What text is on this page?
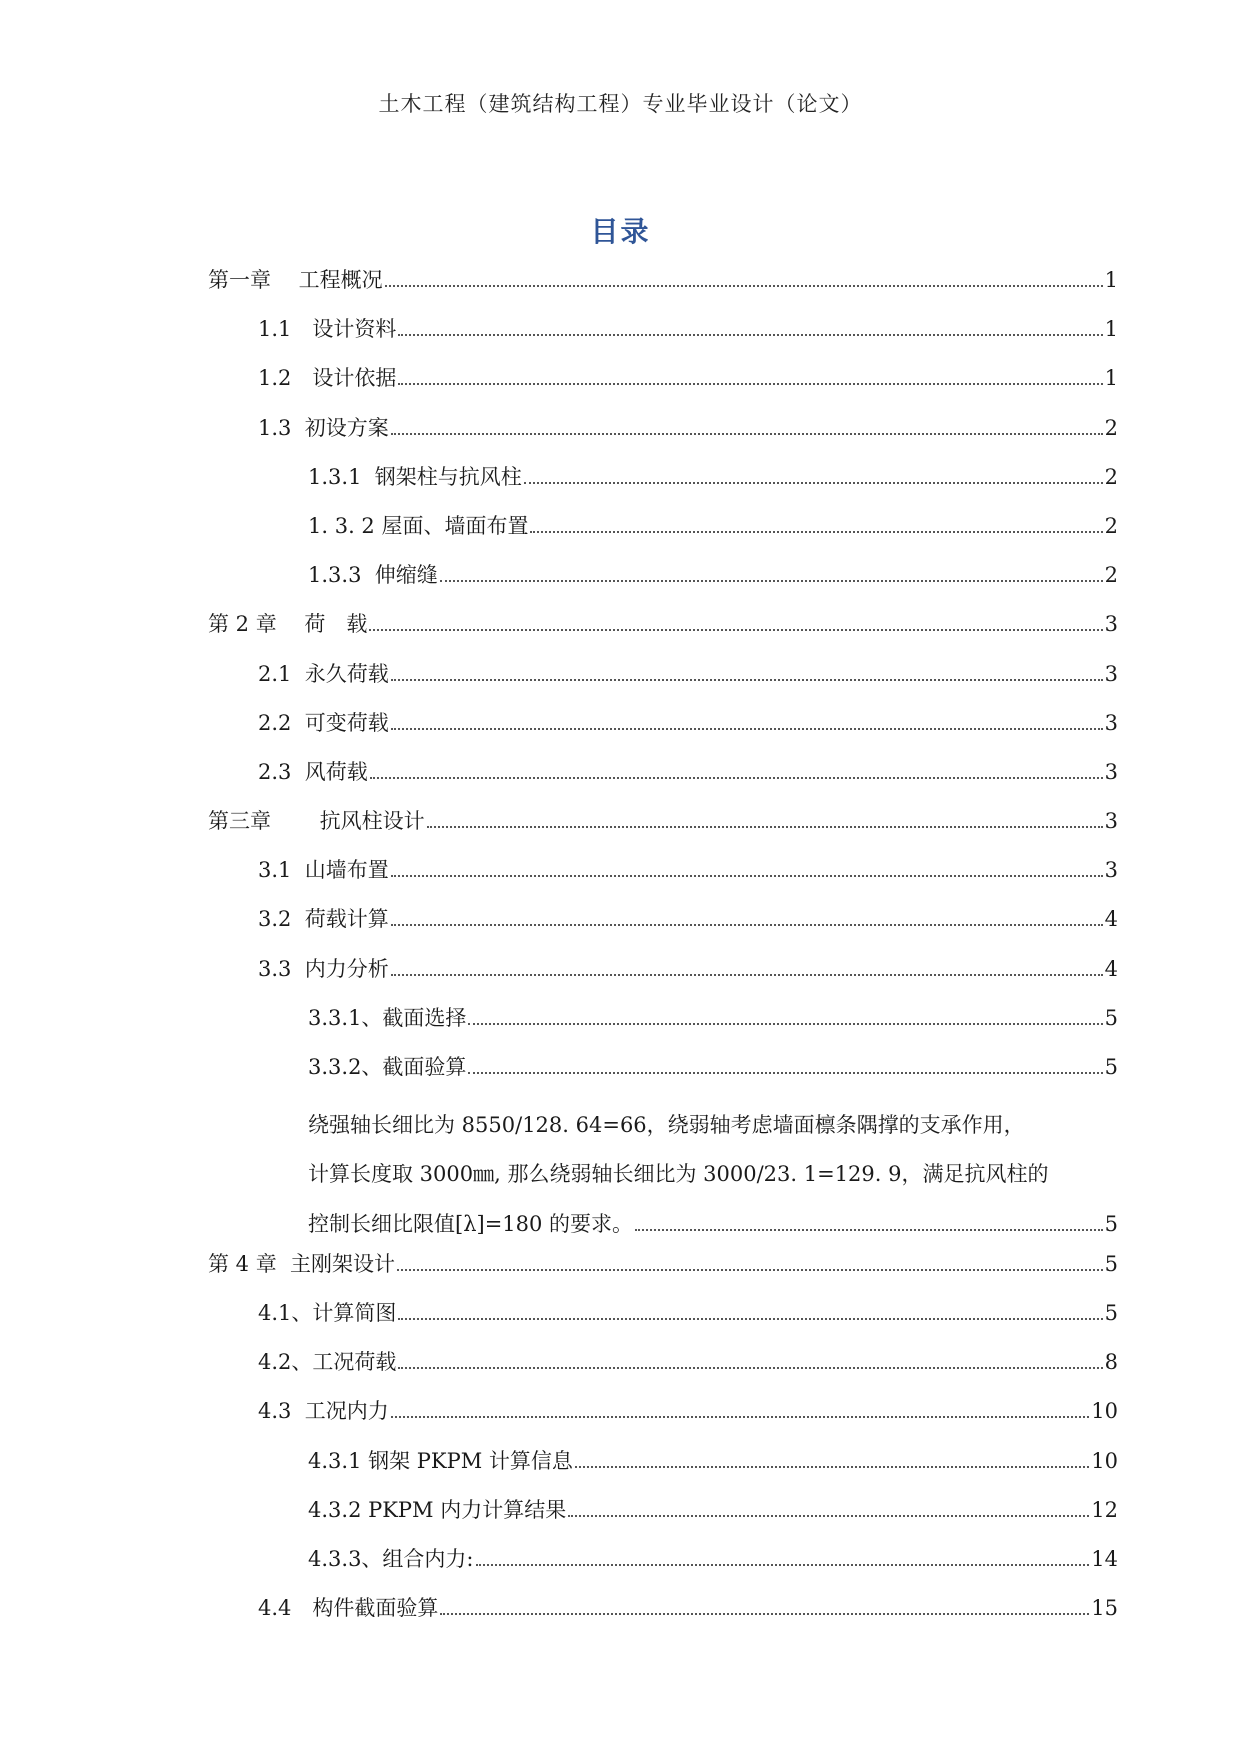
土木工程（建筑结构工程）专业毕业设计（论文）
目录
第一章　 工程概况	1
1.1　设计资料	1
1.2　设计依据	1
1.3  初设方案	2
1.3.1  钢架柱与抗风柱	2
1. 3. 2 屋面、墙面布置	2
1.3.3  伸缩缝	2
第 2 章　 荷　载	3
2.1  永久荷载	3
2.2  可变荷载	3
2.3  风荷载	3
第三章　　 抗风柱设计	3
3.1  山墙布置	3
3.2  荷载计算	4
3.3  内力分析	4
3.3.1、截面选择	5
3.3.2、截面验算	5
绕强轴长细比为 8550/128. 64=66，绕弱轴考虑墙面檩条隅撑的支承作用，
计算长度取 3000㎜, 那么绕弱轴长细比为 3000/23. 1=129. 9，满足抗风柱的
控制长细比限值[λ]=180 的要求。	5
第 4 章  主刚架设计	5
4.1、计算简图	5
4.2、工况荷载	8
4.3  工况内力	10
4.3.1 钢架 PKPM 计算信息	10
4.3.2 PKPM 内力计算结果	12
4.3.3、组合内力:	14
4.4　构件截面验算	15
